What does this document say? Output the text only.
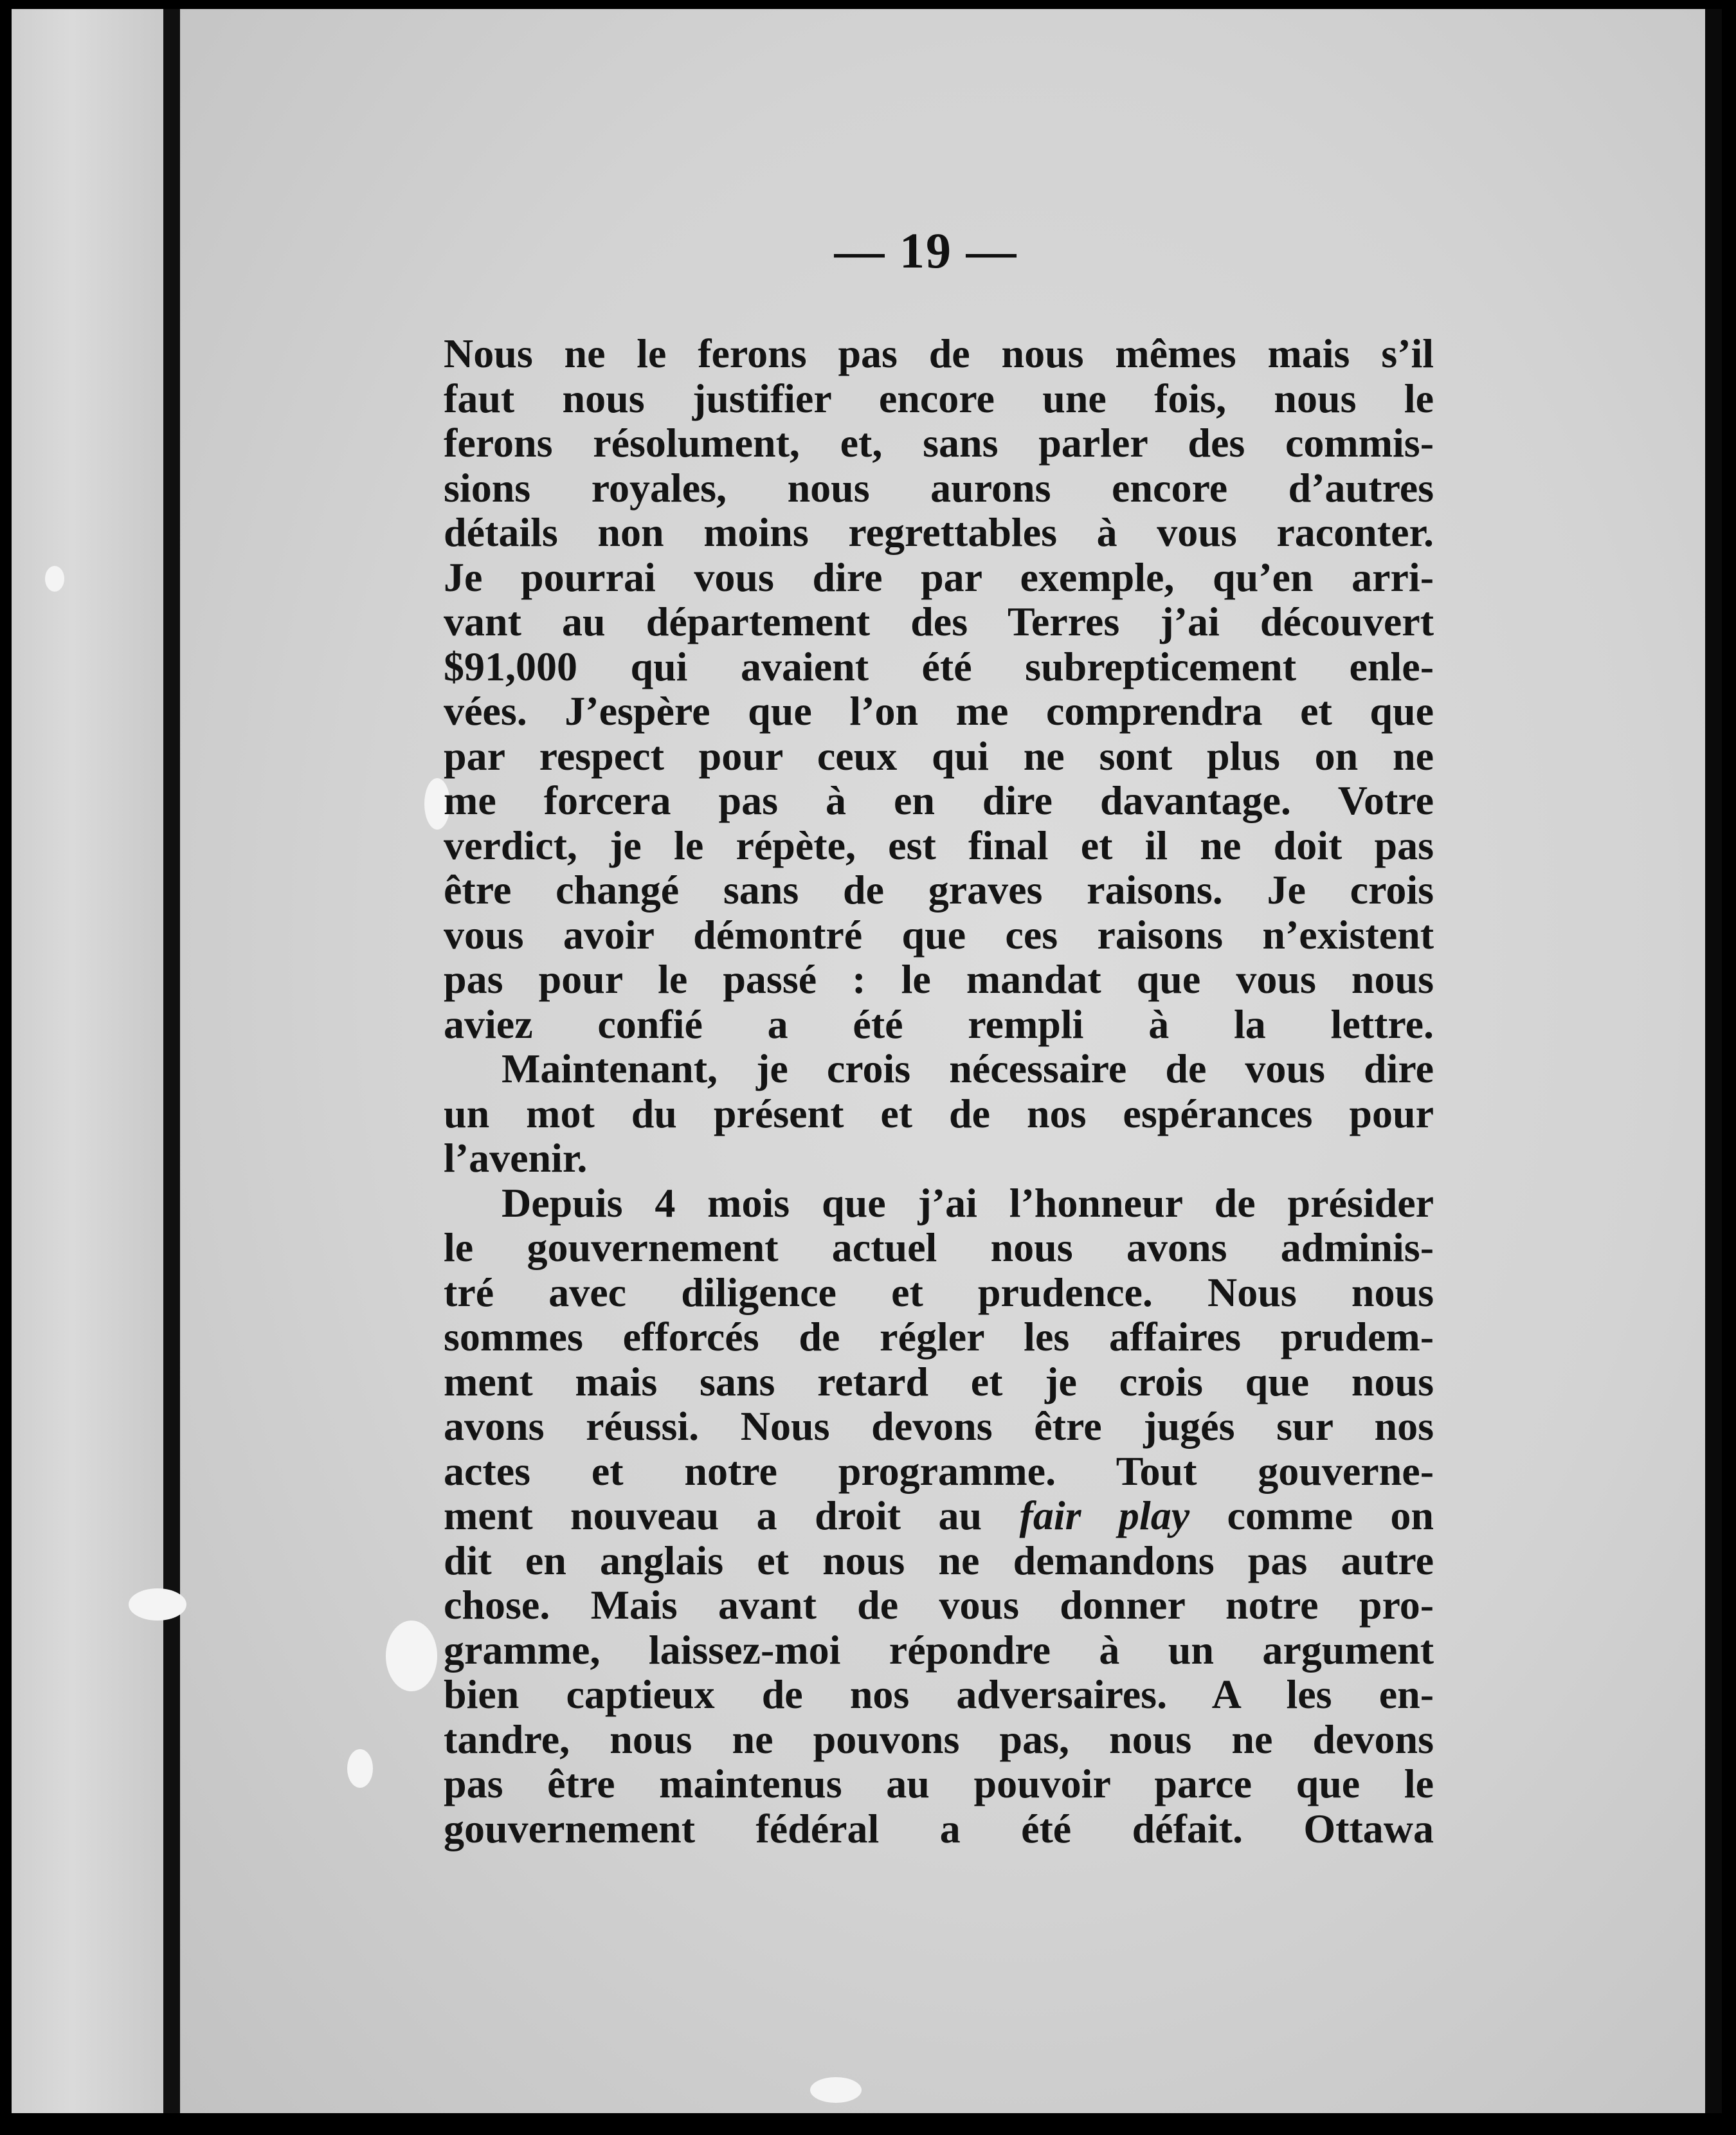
— 19 —

Nous ne le ferons pas de nous mêmes mais s’il

faut nous justifier encore une fois, nous le

ferons résolument, et, sans parler des commis-

sions royales, nous aurons encore d’autres

détails non moins regrettables à vous raconter.

Je pourrai vous dire par exemple, qu’en arri-

vant au département des Terres j’ai découvert

$91,000 qui avaient été subrepticement enle-

vées. J’espère que l’on me comprendra et que

par respect pour ceux qui ne sont plus on ne

me forcera pas à en dire davantage. Votre

verdict, je le répète, est final et il ne doit pas

être changé sans de graves raisons. Je crois

vous avoir démontré que ces raisons n’existent

pas pour le passé : le mandat que vous nous

aviez confié a été rempli à la lettre.

Maintenant, je crois nécessaire de vous dire

un mot du présent et de nos espérances pour

l’avenir.

Depuis 4 mois que j’ai l’honneur de présider

le gouvernement actuel nous avons adminis-

tré avec diligence et prudence. Nous nous

sommes efforcés de régler les affaires prudem-

ment mais sans retard et je crois que nous

avons réussi. Nous devons être jugés sur nos

actes et notre programme. Tout gouverne-

ment nouveau a droit au fair play comme on

dit en anglais et nous ne demandons pas autre

chose. Mais avant de vous donner notre pro-

gramme, laissez-moi répondre à un argument

bien captieux de nos adversaires. A les en-

tandre, nous ne pouvons pas, nous ne devons

pas être maintenus au pouvoir parce que le

gouvernement fédéral a été défait. Ottawa
